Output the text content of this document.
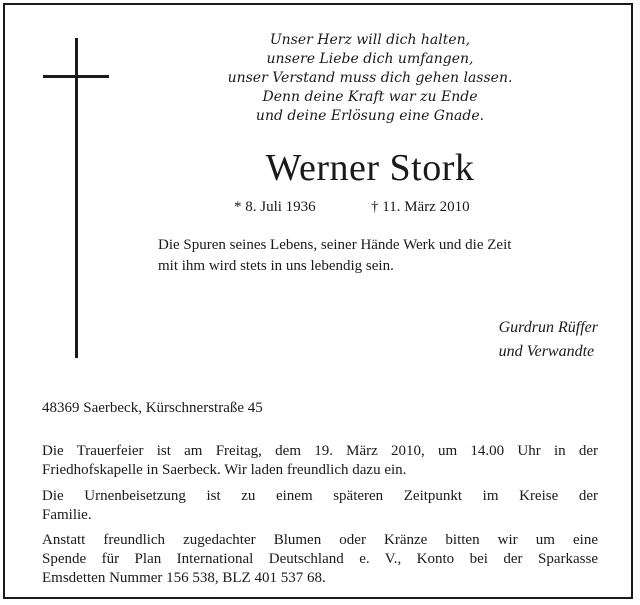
Unser Herz will dich halten,
unsere Liebe dich umfangen,
unser Verstand muss dich gehen lassen.
Denn deine Kraft war zu Ende
und deine Erlösung eine Gnade.
Werner Stork
* 8. Juli 1936	† 11. März 2010
Die Spuren seines Lebens, seiner Hände Werk und die Zeit
mit ihm wird stets in uns lebendig sein.
Gurdrun Rüffer
und Verwandte
48369 Saerbeck, Kürschnerstraße 45
Die Trauerfeier ist am Freitag, dem 19. März 2010, um 14.00 Uhr in der
Friedhofskapelle in Saerbeck. Wir laden freundlich dazu ein.
Die Urnenbeisetzung ist zu einem späteren Zeitpunkt im Kreise der
Familie.
Anstatt freundlich zugedachter Blumen oder Kränze bitten wir um eine
Spende für Plan International Deutschland e. V., Konto bei der Sparkasse
Emsdetten Nummer 156 538, BLZ 401 537 68.
